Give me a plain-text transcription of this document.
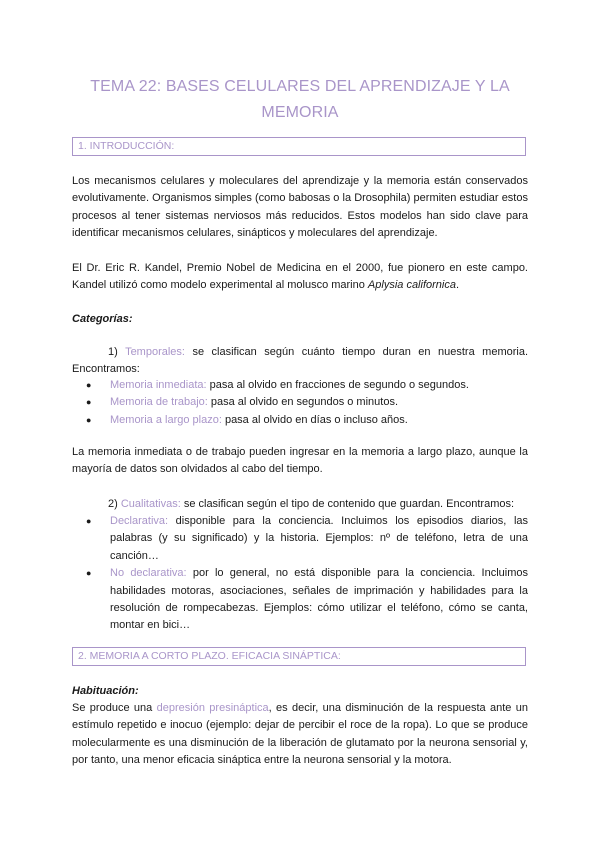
TEMA 22: BASES CELULARES DEL APRENDIZAJE Y LA
MEMORIA
1. INTRODUCCIÓN:
Los mecanismos celulares y moleculares del aprendizaje y la memoria están conservados evolutivamente. Organismos simples (como babosas o la Drosophila) permiten estudiar estos procesos al tener sistemas nerviosos más reducidos. Estos modelos han sido clave para identificar mecanismos celulares, sinápticos y moleculares del aprendizaje.
El Dr. Eric R. Kandel, Premio Nobel de Medicina en el 2000, fue pionero en este campo. Kandel utilizó como modelo experimental al molusco marino Aplysia californica.
Categorías:
1) Temporales: se clasifican según cuánto tiempo duran en nuestra memoria. Encontramos:
● Memoria inmediata: pasa al olvido en fracciones de segundo o segundos.
● Memoria de trabajo: pasa al olvido en segundos o minutos.
● Memoria a largo plazo: pasa al olvido en días o incluso años.
La memoria inmediata o de trabajo pueden ingresar en la memoria a largo plazo, aunque la mayoría de datos son olvidados al cabo del tiempo.
2) Cualitativas: se clasifican según el tipo de contenido que guardan. Encontramos:
● Declarativa: disponible para la conciencia. Incluimos los episodios diarios, las palabras (y su significado) y la historia. Ejemplos: nº de teléfono, letra de una canción…
● No declarativa: por lo general, no está disponible para la conciencia. Incluimos habilidades motoras, asociaciones, señales de imprimación y habilidades para la resolución de rompecabezas. Ejemplos: cómo utilizar el teléfono, cómo se canta, montar en bici…
2. MEMORIA A CORTO PLAZO. EFICACIA SINÁPTICA:
Habituación:
Se produce una depresión presináptica, es decir, una disminución de la respuesta ante un estímulo repetido e inocuo (ejemplo: dejar de percibir el roce de la ropa). Lo que se produce molecularmente es una disminución de la liberación de glutamato por la neurona sensorial y, por tanto, una menor eficacia sináptica entre la neurona sensorial y la motora.
